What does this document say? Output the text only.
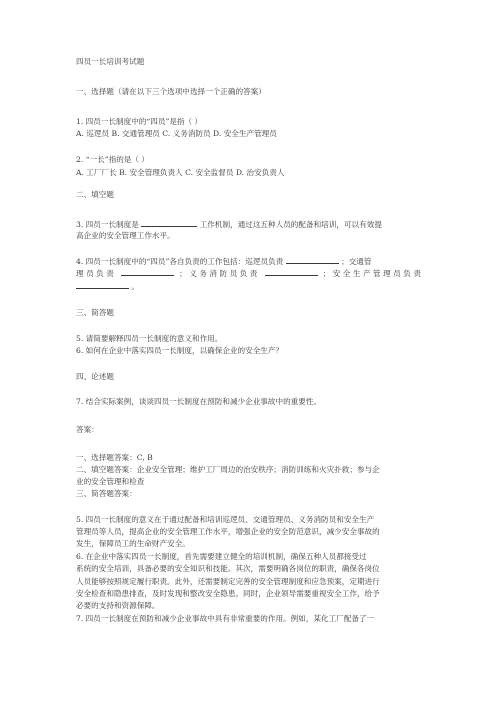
四员一长培训考试题
一、选择题（请在以下三个选项中选择一个正确的答案）
1. 四员一长制度中的“四员”是指（ ）
A. 巡逻员 B. 交通管理员 C. 义务消防员 D. 安全生产管理员
2. “一长”指的是（ ）
A. 工厂厂长 B. 安全管理负责人 C. 安全监督员 D. 治安负责人
二、填空题
3. 四员一长制度是	工作机制，通过这五种人员的配备和培训，可以有效提
高企业的安全管理工作水平。
4. 四员一长制度中的“四员”各自负责的工作包括：巡逻员负责	；交通管
理员负责	；义务消防员负责	；安全生产管理员负责
。
三、简答题
5. 请简要解释四员一长制度的意义和作用。
6. 如何在企业中落实四员一长制度，以确保企业的安全生产？
四、论述题
7. 结合实际案例，谈谈四员一长制度在预防和减少企业事故中的重要性。
答案：
一、选择题答案：C, B
二、填空题答案：企业安全管理；维护工厂周边的治安秩序；消防训练和火灾扑救；参与企
业的安全管理和检查
三、简答题答案：
5. 四员一长制度的意义在于通过配备和培训巡逻员、交通管理员、义务消防员和安全生产
管理员等人员，提高企业的安全管理工作水平，增强企业的安全防范意识，减少安全事故的
发生，保障员工的生命财产安全。
6. 在企业中落实四员一长制度，首先需要建立健全的培训机制，确保五种人员都接受过
系统的安全培训，具备必要的安全知识和技能。其次，需要明确各岗位的职责，确保各岗位
人员能够按照规定履行职责。此外，还需要制定完善的安全管理制度和应急预案，定期进行
安全检查和隐患排查，及时发现和整改安全隐患。同时，企业领导需要重视安全工作，给予
必要的支持和资源保障。
7. 四员一长制度在预防和减少企业事故中具有非常重要的作用。例如，某化工厂配备了一
